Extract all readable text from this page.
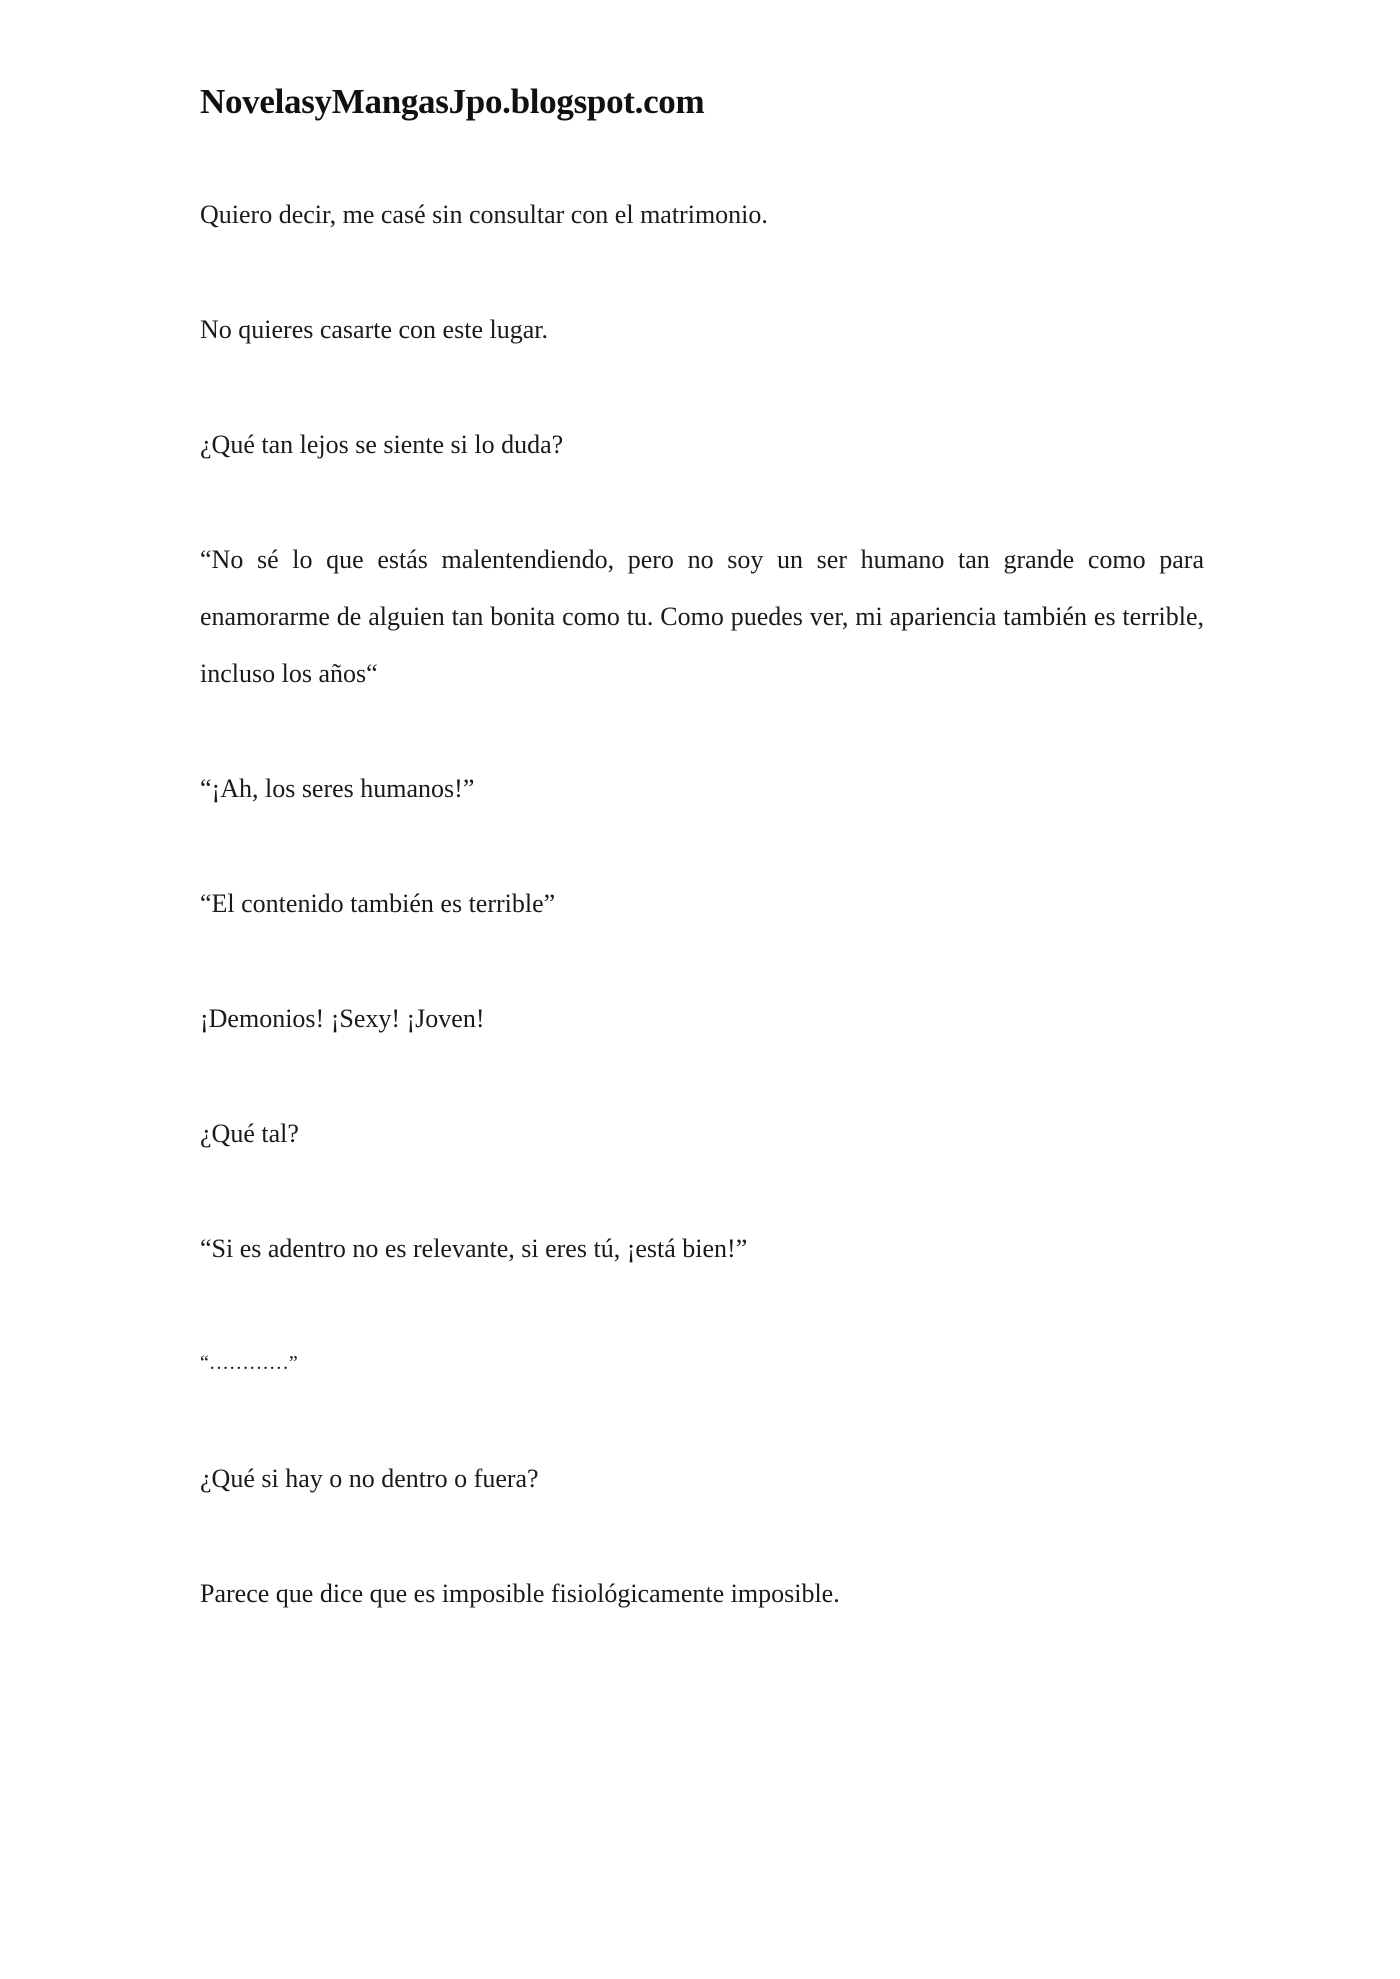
NovelasyMangasJpo.blogspot.com

Quiero decir, me casé sin consultar con el matrimonio.

No quieres casarte con este lugar.

¿Qué tan lejos se siente si lo duda?

“No sé lo que estás malentendiendo, pero no soy un ser humano tan grande como para enamorarme de alguien tan bonita como tu. Como puedes ver, mi apariencia también es terrible, incluso los años“

“¡Ah, los seres humanos!”

“El contenido también es terrible”

¡Demonios! ¡Sexy! ¡Joven!

¿Qué tal?

“Si es adentro no es relevante, si eres tú, ¡está bien!”

“…………”

¿Qué si hay o no dentro o fuera?

Parece que dice que es imposible fisiológicamente imposible.
